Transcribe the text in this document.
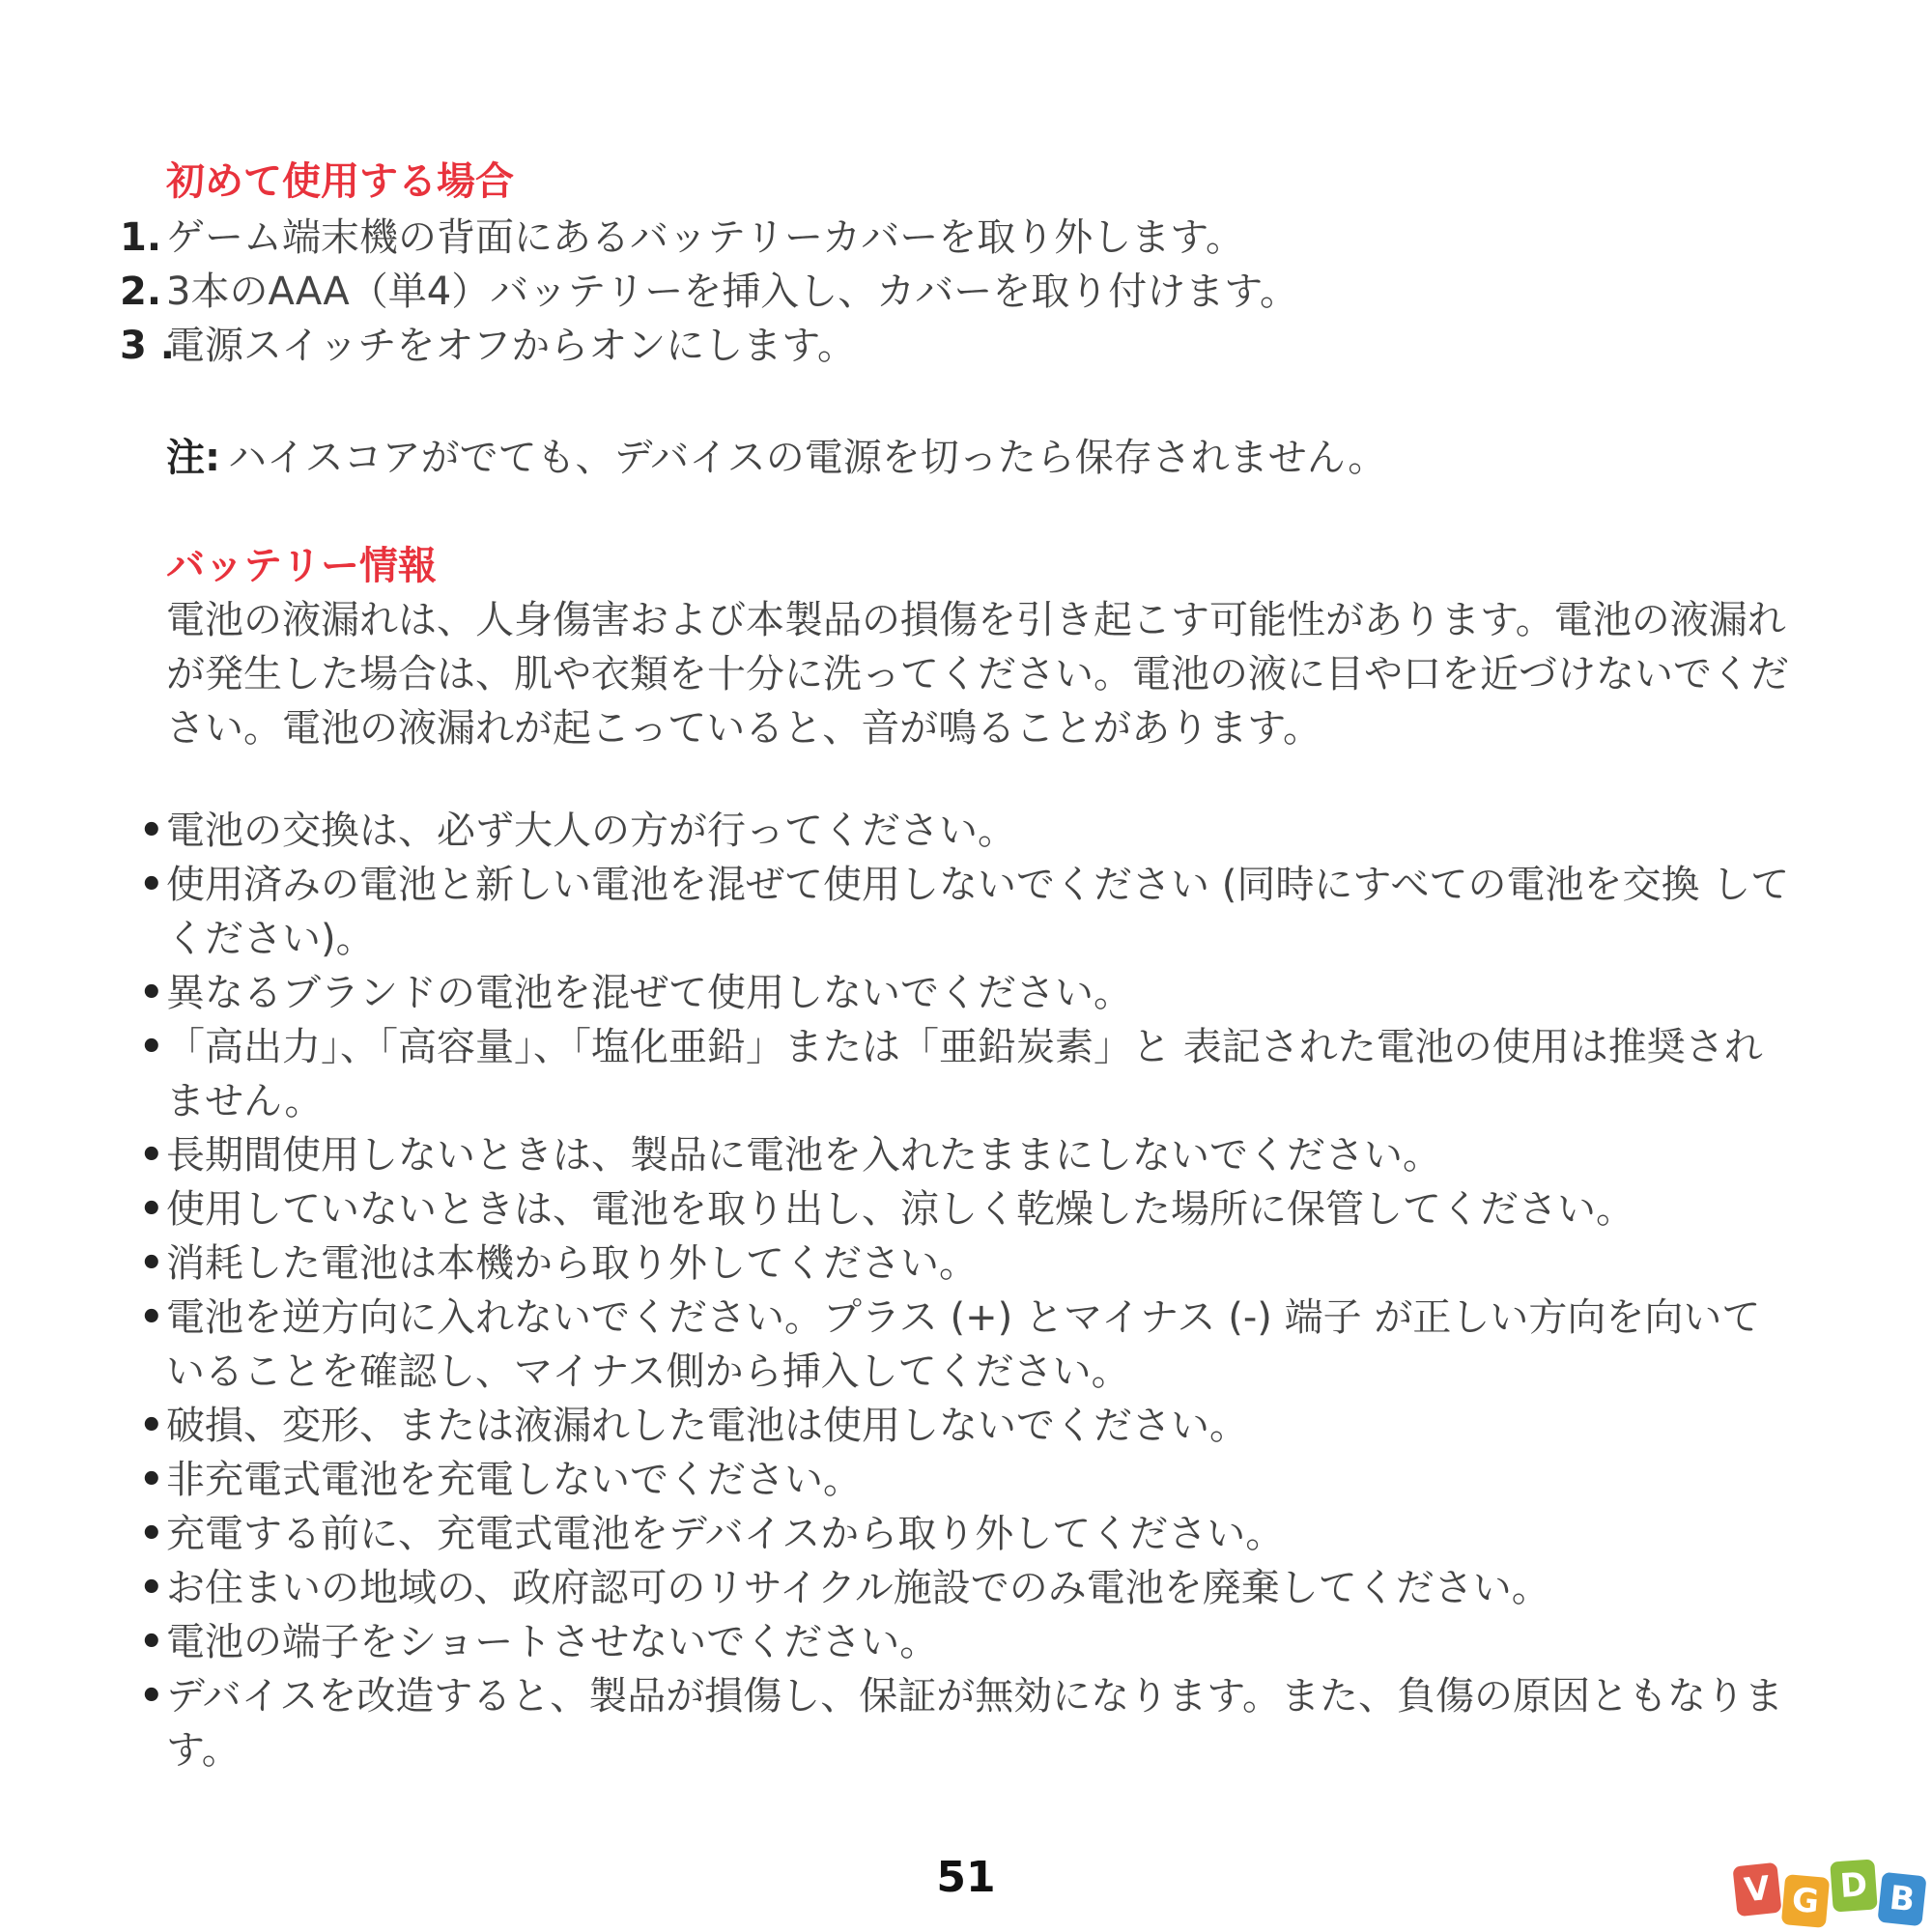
初めて使用する場合
1. ゲーム端末機の背面にあるバッテリーカバーを取り外します。
2. 3本のAAA（単4）バッテリーを挿入し、カバーを取り付けます。
3 .電源スイッチをオフからオンにします。
注: ハイスコアがでても、デバイスの電源を切ったら保存されません。
バッテリー情報

電池の液漏れは、人身傷害および本製品の損傷を引き起こす可能性があります。電池の液漏れが発生した場合は、肌や衣類を十分に洗ってください。電池の液に目や口を近づけないでください。電池の液漏れが起こっていると、音が鳴ることがあります。

• 電池の交換は、必ず大人の方が行ってください。
• 使用済みの電池と新しい電池を混ぜて使用しないでください (同時にすべての電池を交換 してください)。
• 異なるブランドの電池を混ぜて使用しないでください。
• 「高出力」、「高容量」、「塩化亜鉛」または「亜鉛炭素」と 表記された電池の使用は推奨されません。
• 長期間使用しないときは、製品に電池を入れたままにしないでください。
• 使用していないときは、電池を取り出し、涼しく乾燥した場所に保管してください。
• 消耗した電池は本機から取り外してください。
• 電池を逆方向に入れないでください。プラス (+) とマイナス (-) 端子 が正しい方向を向いていることを確認し、マイナス側から挿入してください。
• 破損、変形、または液漏れした電池は使用しないでください。
• 非充電式電池を充電しないでください。
• 充電する前に、充電式電池をデバイスから取り外してください。
• お住まいの地域の、政府認可のリサイクル施設でのみ電池を廃棄してください。
• 電池の端子をショートさせないでください。
• デバイスを改造すると、製品が損傷し、保証が無効になります。また、負傷の原因ともなります。
51	V G D B
